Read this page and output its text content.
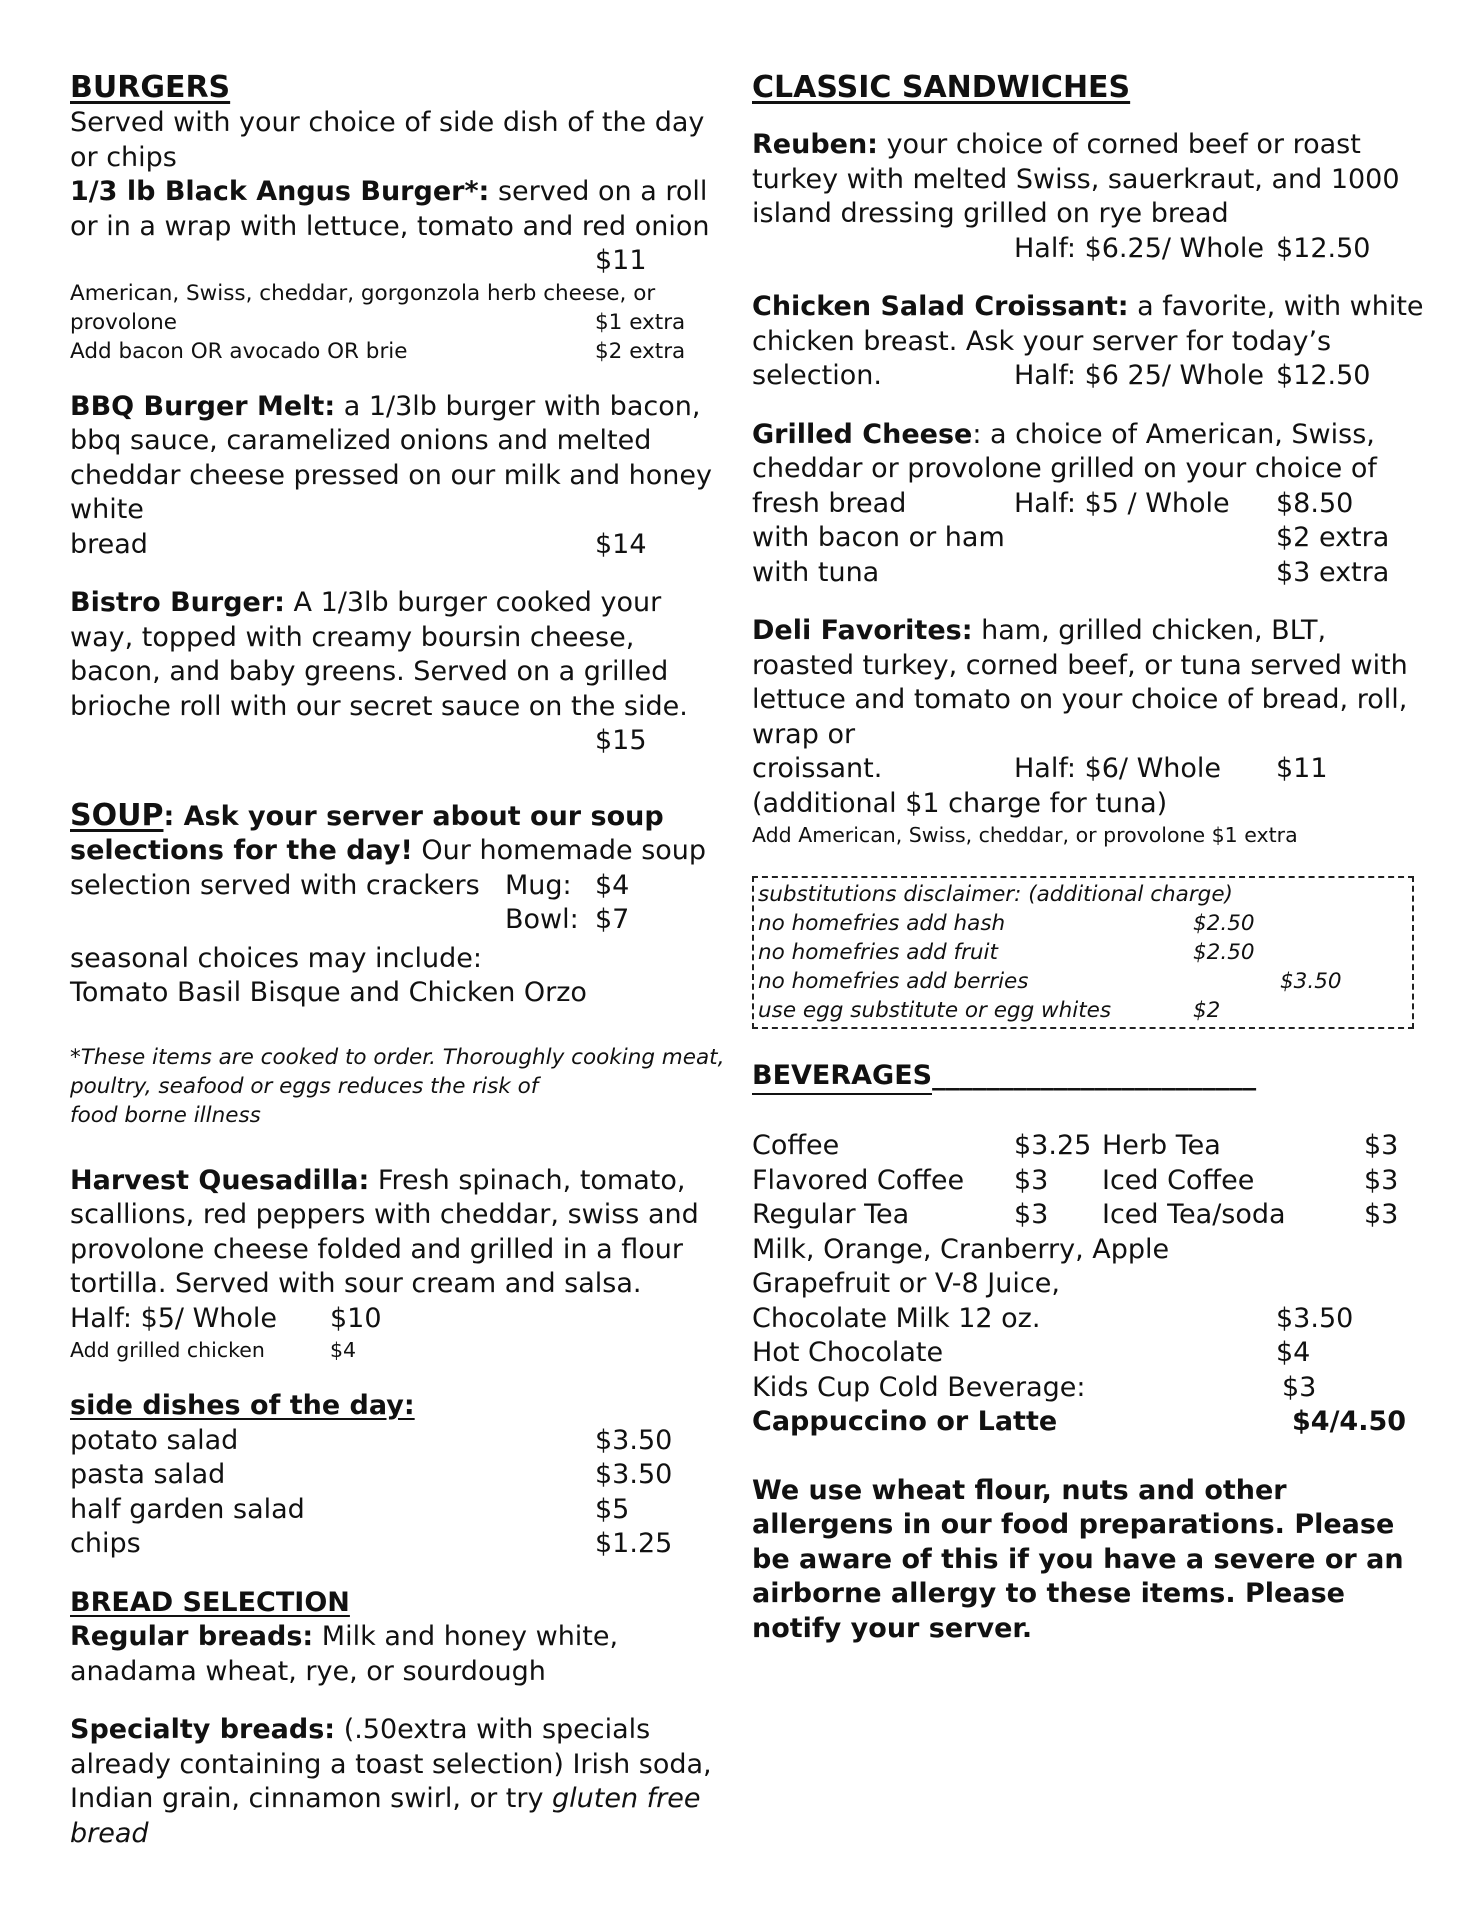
BURGERS

Served with your choice of side dish of the day or chips

1/3 lb Black Angus Burger*: served on a roll or in a wrap with lettuce, tomato and red onion

$11
American, Swiss, cheddar, gorgonzola herb cheese, or
provolone	$1 extra
Add bacon OR avocado OR brie	$2 extra

BBQ Burger Melt: a 1/3lb burger with bacon, bbq sauce, caramelized onions and melted cheddar cheese pressed on our milk and honey white

bread	$14

Bistro Burger: A 1/3lb burger cooked your way, topped with creamy boursin cheese, bacon, and baby greens. Served on a grilled brioche roll with our secret sauce on the side.

$15

SOUP: Ask your server about our soup selections for the day! Our homemade soup

selection served with crackers Mug: $4
Bowl: $7
seasonal choices may include:
Tomato Basil Bisque and Chicken Orzo
*These items are cooked to order. Thoroughly cooking meat,
poultry, seafood or eggs reduces the risk of
food borne illness

Harvest Quesadilla: Fresh spinach, tomato, scallions, red peppers with cheddar, swiss and provolone cheese folded and grilled in a flour tortilla. Served with sour cream and salsa.

Half: $5/ Whole	$10
Add grilled chicken	$4
side dishes of the day:
potato salad	$3.50
pasta salad	$3.50
half garden salad	$5
chips	$1.25
BREAD SELECTION

Regular breads: Milk and honey white, anadama wheat, rye, or sourdough

Specialty breads: (.50extra with specials already containing a toast selection) Irish soda, Indian grain, cinnamon swirl, or try gluten free bread

CLASSIC SANDWICHES

Reuben: your choice of corned beef or roast turkey with melted Swiss, sauerkraut, and 1000 island dressing grilled on rye bread

Half: $6.25/ Whole $12.50

Chicken Salad Croissant: a favorite, with white chicken breast. Ask your server for today’s

selection.	Half: $6 25/ Whole $12.50

Grilled Cheese: a choice of American, Swiss, cheddar or provolone grilled on your choice of

fresh bread	Half: $5 / Whole	$8.50
with bacon or ham	$2 extra
with tuna	$3 extra

Deli Favorites: ham, grilled chicken, BLT, roasted turkey, corned beef, or tuna served with lettuce and tomato on your choice of bread, roll, wrap or

croissant.	Half: $6/ Whole	$11
(additional $1 charge for tuna)
Add American, Swiss, cheddar, or provolone $1 extra
substitutions disclaimer: (additional charge)
no homefries add hash	$2.50
no homefries add fruit	$2.50
no homefries add berries	$3.50
use egg substitute or egg whites	$2
BEVERAGES________________________
Coffee	$3.25 Herb Tea	$3
Flavored Coffee	$3	Iced Coffee	$3
Regular Tea	$3	Iced Tea/soda	$3
Milk, Orange, Cranberry, Apple
Grapefruit or V-8 Juice,
Chocolate Milk 12 oz.	$3.50
Hot Chocolate	$4
Kids Cup Cold Beverage:	$3
Cappuccino or Latte	$4/4.50

We use wheat flour, nuts and other allergens in our food preparations. Please be aware of this if you have a severe or an airborne allergy to these items. Please notify your server.
